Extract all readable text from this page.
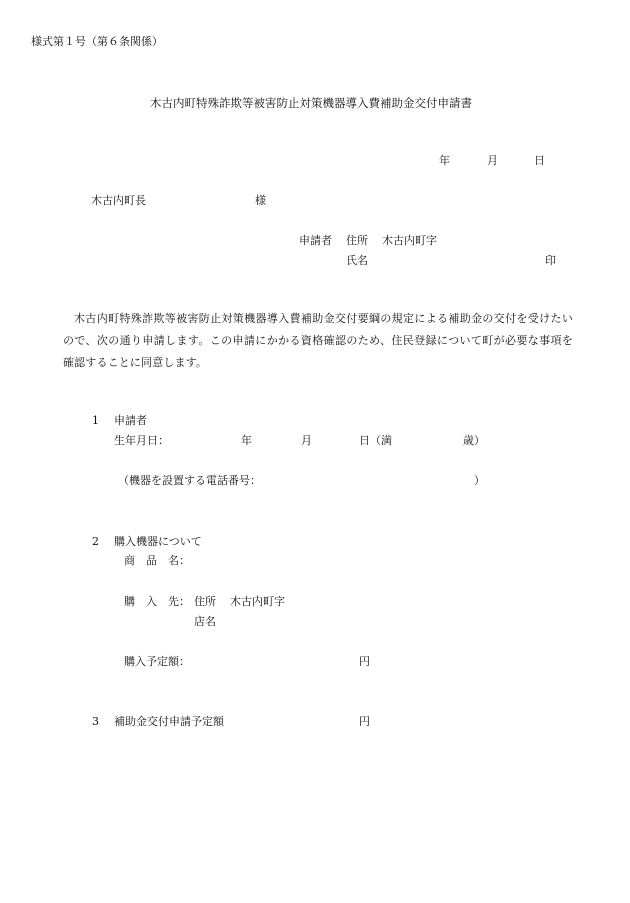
様式第１号（第６条関係）
木古内町特殊詐欺等被害防止対策機器導入費補助金交付申請書
年	月	日
木古内町長	様
申請者 住所 木古内町字
氏名	印
木古内町特殊詐欺等被害防止対策機器導入費補助金交付要綱の規定による補助金の交付を受けたいので、次の通り申請します。この申請にかかる資格確認のため、住民登録について町が必要な事項を確認することに同意します。
1 申請者
生年月日：	年	月	日（満	歳）
（機器を設置する電話番号：	）
2 購入機器について
商　品　名：
購　入　先： 住所 木古内町字
店名
購入予定額：	円
3 補助金交付申請予定額	円
